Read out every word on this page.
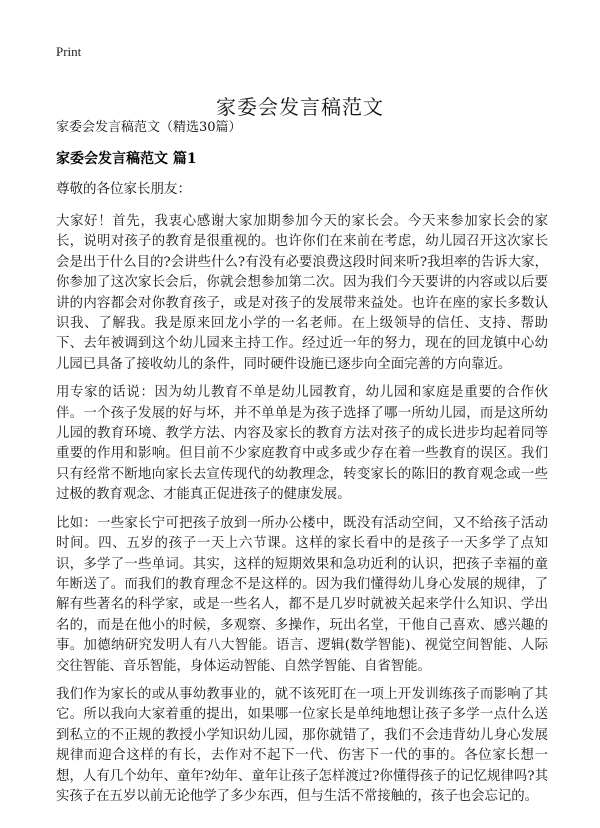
Print
家委会发言稿范文
家委会发言稿范文（精选30篇）
家委会发言稿范文 篇1
尊敬的各位家长朋友：

大家好！首先，我衷心感谢大家加期参加今天的家长会。今天来参加家长会的家长，说明对孩子的教育是很重视的。也许你们在来前在考虑，幼儿园召开这次家长会是出于什么目的?会讲些什么?有没有必要浪费这段时间来听?我坦率的告诉大家，你参加了这次家长会后，你就会想参加第二次。因为我们今天要讲的内容或以后要讲的内容都会对你教育孩子，或是对孩子的发展带来益处。也许在座的家长多数认识我、了解我。我是原来回龙小学的一名老师。在上级领导的信任、支持、帮助下、去年被调到这个幼儿园来主持工作。经过近一年的努力，现在的回龙镇中心幼儿园已具备了接收幼儿的条件，同时硬件设施已逐步向全面完善的方向靠近。

用专家的话说：因为幼儿教育不单是幼儿园教育，幼儿园和家庭是重要的合作伙伴。一个孩子发展的好与坏，并不单单是为孩子选择了哪一所幼儿园，而是这所幼儿园的教育环境、教学方法、内容及家长的教育方法对孩子的成长进步均起着同等重要的作用和影响。但目前不少家庭教育中或多或少存在着一些教育的误区。我们只有经常不断地向家长去宣传现代的幼教理念，转变家长的陈旧的教育观念或一些过极的教育观念、才能真正促进孩子的健康发展。

比如：一些家长宁可把孩子放到一所办公楼中，既没有活动空间，又不给孩子活动时间。四、五岁的孩子一天上六节课。这样的家长看中的是孩子一天多学了点知识，多学了一些单词。其实，这样的短期效果和急功近利的认识，把孩子幸福的童年断送了。而我们的教育理念不是这样的。因为我们懂得幼儿身心发展的规律，了解有些著名的科学家，或是一些名人，都不是几岁时就被关起来学什么知识、学出名的，而是在他小的时候，多观察、多操作，玩出名堂，干他自己喜欢、感兴趣的事。加德纳研究发明人有八大智能。语言、逻辑(数学智能)、视觉空间智能、人际交往智能、音乐智能，身体运动智能、自然学智能、自省智能。

我们作为家长的或从事幼教事业的，就不该死盯在一项上开发训练孩子而影响了其它。所以我向大家着重的提出，如果哪一位家长是单纯地想让孩子多学一点什么送到私立的不正规的教授小学知识幼儿园，那你就错了，我们不会违背幼儿身心发展规律而迎合这样的有长，去作对不起下一代、伤害下一代的事的。各位家长想一想，人有几个幼年、童年?幼年、童年让孩子怎样渡过?你懂得孩子的记忆规律吗?其实孩子在五岁以前无论他学了多少东西，但与生活不常接触的，孩子也会忘记的。
